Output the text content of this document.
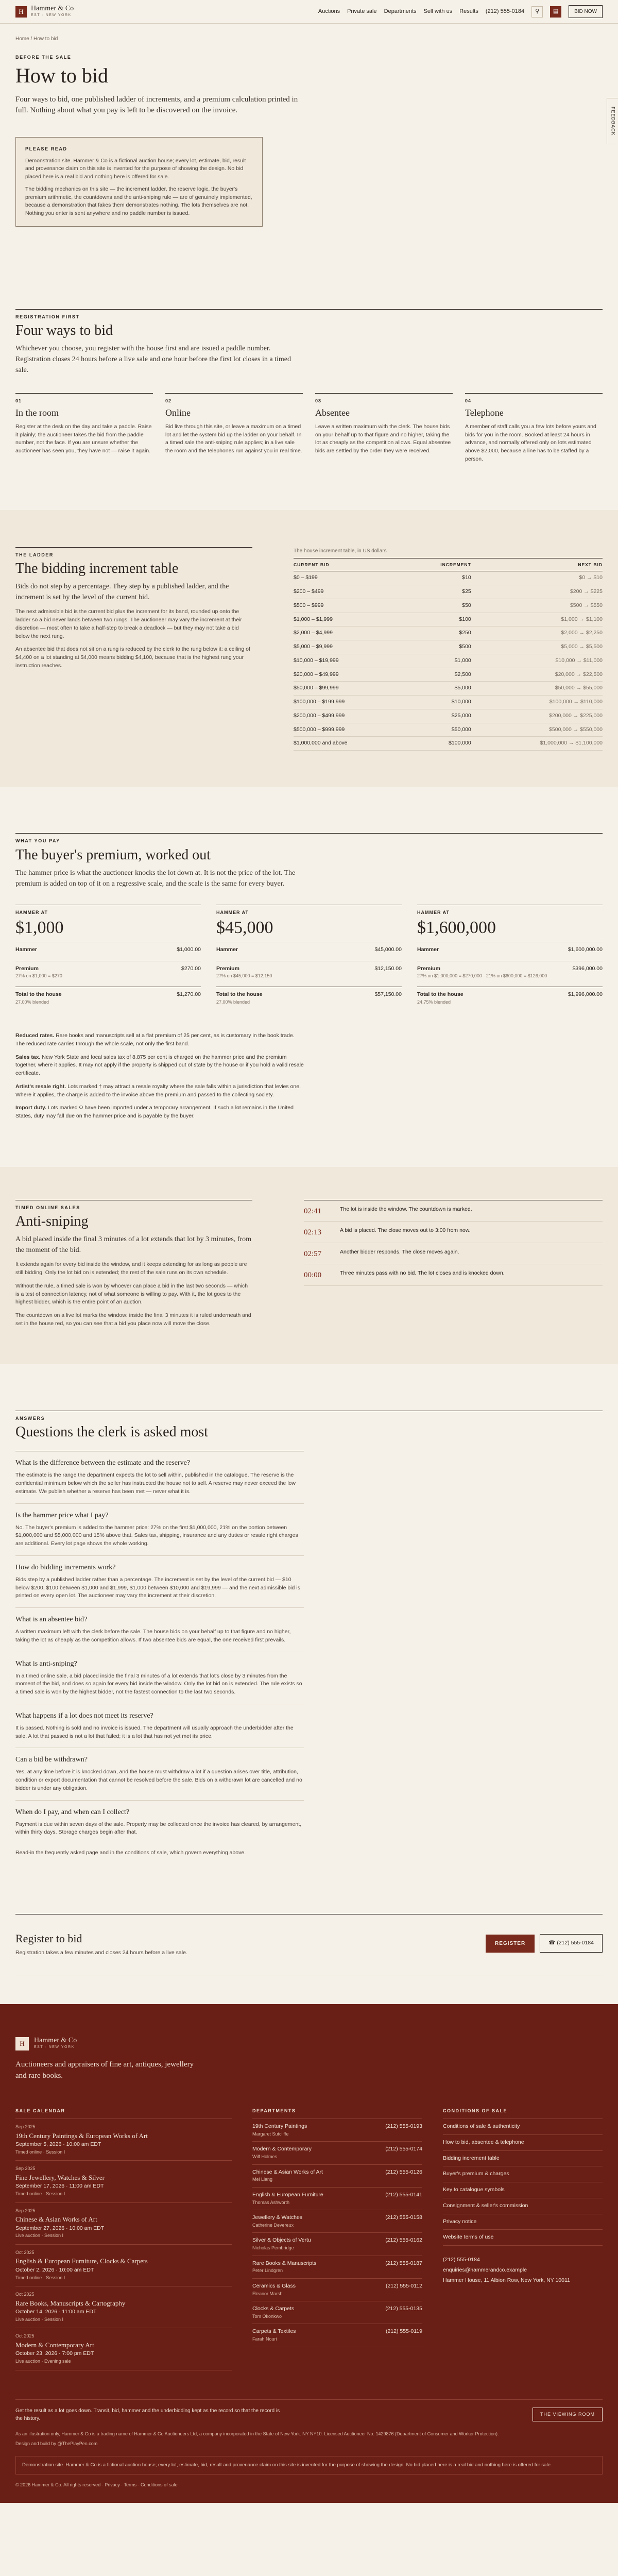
H	Hammer & Co
EST · NEW YORK
Auctions Private sale Departments Sell with us Results (212) 555-0184	⚲	▤	BID NOW
FEEDBACK
Home / How to bid
BEFORE THE SALE
How to bid

Four ways to bid, one published ladder of increments, and a premium calculation printed in full. Nothing about what you pay is left to be discovered on the invoice.

PLEASE READ

Demonstration site. Hammer & Co is a fictional auction house; every lot, estimate, bid, result and provenance claim on this site is invented for the purpose of showing the design. No bid placed here is a real bid and nothing here is offered for sale.

The bidding mechanics on this site — the increment ladder, the reserve logic, the buyer's premium arithmetic, the countdowns and the anti-sniping rule — are of genuinely implemented, because a demonstration that fakes them demonstrates nothing. The lots themselves are not. Nothing you enter is sent anywhere and no paddle number is issued.

REGISTRATION FIRST
Four ways to bid

Whichever you choose, you register with the house first and are issued a paddle number. Registration closes 24 hours before a live sale and one hour before the first lot closes in a timed sale.

01
In the room

Register at the desk on the day and take a paddle. Raise it plainly; the auctioneer takes the bid from the paddle number, not the face. If you are unsure whether the auctioneer has seen you, they have not — raise it again.

02
Online

Bid live through this site, or leave a maximum on a timed lot and let the system bid up the ladder on your behalf. In a timed sale the anti-sniping rule applies; in a live sale the room and the telephones run against you in real time.

03
Absentee

Leave a written maximum with the clerk. The house bids on your behalf up to that figure and no higher, taking the lot as cheaply as the competition allows. Equal absentee bids are settled by the order they were received.

04
Telephone

A member of staff calls you a few lots before yours and bids for you in the room. Booked at least 24 hours in advance, and normally offered only on lots estimated above $2,000, because a line has to be staffed by a person.

THE LADDER
The bidding increment table

Bids do not step by a percentage. They step by a published ladder, and the increment is set by the level of the current bid.

The next admissible bid is the current bid plus the increment for its band, rounded up onto the ladder so a bid never lands between two rungs. The auctioneer may vary the increment at their discretion — most often to take a half-step to break a deadlock — but they may not take a bid below the next rung.

An absentee bid that does not sit on a rung is reduced by the clerk to the rung below it: a ceiling of $4,400 on a lot standing at $4,000 means bidding $4,100, because that is the highest rung your instruction reaches.

The house increment table, in US dollars
CURRENT BID	INCREMENT	NEXT BID
$0 – $199	$10	$0 → $10
$200 – $499	$25	$200 → $225
$500 – $999	$50	$500 → $550
$1,000 – $1,999	$100	$1,000 → $1,100
$2,000 – $4,999	$250	$2,000 → $2,250
$5,000 – $9,999	$500	$5,000 → $5,500
$10,000 – $19,999	$1,000	$10,000 → $11,000
$20,000 – $49,999	$2,500	$20,000 → $22,500
$50,000 – $99,999	$5,000	$50,000 → $55,000
$100,000 – $199,999	$10,000	$100,000 → $110,000
$200,000 – $499,999	$25,000	$200,000 → $225,000
$500,000 – $999,999	$50,000	$500,000 → $550,000
$1,000,000 and above	$100,000	$1,000,000 → $1,100,000
WHAT YOU PAY
The buyer's premium, worked out

The hammer price is what the auctioneer knocks the lot down at. It is not the price of the lot. The premium is added on top of it on a regressive scale, and the scale is the same for every buyer.

HAMMER AT
$1,000
Hammer	$1,000.00
Premium
27% on $1,000 = $270
$270.00
Total to the house
27.00% blended
$1,270.00
HAMMER AT
$45,000
Hammer	$45,000.00
Premium
27% on $45,000 = $12,150
$12,150.00
Total to the house
27.00% blended
$57,150.00
HAMMER AT
$1,600,000
Hammer	$1,600,000.00
Premium
27% on $1,000,000 = $270,000 · 21% on $600,000 = $126,000
$396,000.00
Total to the house
24.75% blended
$1,996,000.00

Reduced rates. Rare books and manuscripts sell at a flat premium of 25 per cent, as is customary in the book trade. The reduced rate carries through the whole scale, not only the first band.

Sales tax. New York State and local sales tax of 8.875 per cent is charged on the hammer price and the premium together, where it applies. It may not apply if the property is shipped out of state by the house or if you hold a valid resale certificate.

Artist's resale right. Lots marked † may attract a resale royalty where the sale falls within a jurisdiction that levies one. Where it applies, the charge is added to the invoice above the premium and passed to the collecting society.

Import duty. Lots marked Ω have been imported under a temporary arrangement. If such a lot remains in the United States, duty may fall due on the hammer price and is payable by the buyer.

TIMED ONLINE SALES
Anti-sniping

A bid placed inside the final 3 minutes of a lot extends that lot by 3 minutes, from the moment of the bid.

It extends again for every bid inside the window, and it keeps extending for as long as people are still bidding. Only the lot bid on is extended; the rest of the sale runs on its own schedule.

Without the rule, a timed sale is won by whoever can place a bid in the last two seconds — which is a test of connection latency, not of what someone is willing to pay. With it, the lot goes to the highest bidder, which is the entire point of an auction.

The countdown on a live lot marks the window: inside the final 3 minutes it is ruled underneath and set in the house red, so you can see that a bid you place now will move the close.

02:41	The lot is inside the window. The countdown is marked.
02:13	A bid is placed. The close moves out to 3:00 from now.
02:57	Another bidder responds. The close moves again.
00:00	Three minutes pass with no bid. The lot closes and is knocked down.
ANSWERS
Questions the clerk is asked most
What is the difference between the estimate and the reserve?

The estimate is the range the department expects the lot to sell within, published in the catalogue. The reserve is the confidential minimum below which the seller has instructed the house not to sell. A reserve may never exceed the low estimate. We publish whether a reserve has been met — never what it is.

Is the hammer price what I pay?

No. The buyer's premium is added to the hammer price: 27% on the first $1,000,000, 21% on the portion between $1,000,000 and $5,000,000 and 15% above that. Sales tax, shipping, insurance and any duties or resale right charges are additional. Every lot page shows the whole working.

How do bidding increments work?

Bids step by a published ladder rather than a percentage. The increment is set by the level of the current bid — $10 below $200, $100 between $1,000 and $1,999, $1,000 between $10,000 and $19,999 — and the next admissible bid is printed on every open lot. The auctioneer may vary the increment at their discretion.

What is an absentee bid?

A written maximum left with the clerk before the sale. The house bids on your behalf up to that figure and no higher, taking the lot as cheaply as the competition allows. If two absentee bids are equal, the one received first prevails.

What is anti-sniping?

In a timed online sale, a bid placed inside the final 3 minutes of a lot extends that lot's close by 3 minutes from the moment of the bid, and does so again for every bid inside the window. Only the lot bid on is extended. The rule exists so a timed sale is won by the highest bidder, not the fastest connection to the last two seconds.

What happens if a lot does not meet its reserve?

It is passed. Nothing is sold and no invoice is issued. The department will usually approach the underbidder after the sale. A lot that passed is not a lot that failed; it is a lot that has not yet met its price.

Can a bid be withdrawn?

Yes, at any time before it is knocked down, and the house must withdraw a lot if a question arises over title, attribution, condition or export documentation that cannot be resolved before the sale. Bids on a withdrawn lot are cancelled and no bidder is under any obligation.

When do I pay, and when can I collect?

Payment is due within seven days of the sale. Property may be collected once the invoice has cleared, by arrangement, within thirty days. Storage charges begin after that.

Read-in the frequently asked page and in the conditions of sale, which govern everything above.

Register to bid

Registration takes a few minutes and closes 24 hours before a live sale.

REGISTER	☎ (212) 555-0184
H	Hammer & Co
EST · NEW YORK

Auctioneers and appraisers of fine art, antiques, jewellery and rare books.

SALE CALENDAR
Sep 2025
19th Century Paintings & European Works of Art
September 5, 2026 · 10:00 am EDT
Timed online · Session I
Sep 2025
Fine Jewellery, Watches & Silver
September 17, 2026 · 11:00 am EDT
Timed online · Session I
Sep 2025
Chinese & Asian Works of Art
September 27, 2026 · 10:00 am EDT
Live auction · Session I
Oct 2025
English & European Furniture, Clocks & Carpets
October 2, 2026 · 10:00 am EDT
Timed online · Session I
Oct 2025
Rare Books, Manuscripts & Cartography
October 14, 2026 · 11:00 am EDT
Live auction · Session I
Oct 2025
Modern & Contemporary Art
October 23, 2026 · 7:00 pm EDT
Live auction · Evening sale
DEPARTMENTS
19th Century Paintings
Margaret Sutcliffe
(212) 555-0193
Modern & Contemporary
Wilf Holmes
(212) 555-0174
Chinese & Asian Works of Art
Mei Liang
(212) 555-0126
English & European Furniture
Thomas Ashworth
(212) 555-0141
Jewellery & Watches
Catherine Devereux
(212) 555-0158
Silver & Objects of Vertu
Nicholas Pembridge
(212) 555-0162
Rare Books & Manuscripts
Peter Lindgren
(212) 555-0187
Ceramics & Glass
Eleanor Marsh
(212) 555-0112
Clocks & Carpets
Tom Okonkwo
(212) 555-0135
Carpets & Textiles
Farah Nouri
(212) 555-0119
CONDITIONS OF SALE
Conditions of sale & authenticity
How to bid, absentee & telephone
Bidding increment table
Buyer's premium & charges
Key to catalogue symbols
Consignment & seller's commission
Privacy notice
Website terms of use
(212) 555-0184
enquiries@hammerandco.example
Hammer House, 11 Albion Row, New York, NY 10011
Get the result as a lot goes down. Transit, bid, hammer and the underbidding kept as the record so that the record is the history.
THE VIEWING ROOM

As an illustration only, Hammer & Co is a trading name of Hammer & Co Auctioneers Ltd, a company incorporated in the State of New York. NY NY10. Licensed Auctioneer No. 1429876 (Department of Consumer and Worker Protection).

Design and build by @ThePlayPen.com

Demonstration site. Hammer & Co is a fictional auction house; every lot, estimate, bid, result and provenance claim on this site is invented for the purpose of showing the design. No bid placed here is a real bid and nothing here is offered for sale.

© 2026 Hammer & Co. All rights reserved · Privacy · Terms · Conditions of sale
